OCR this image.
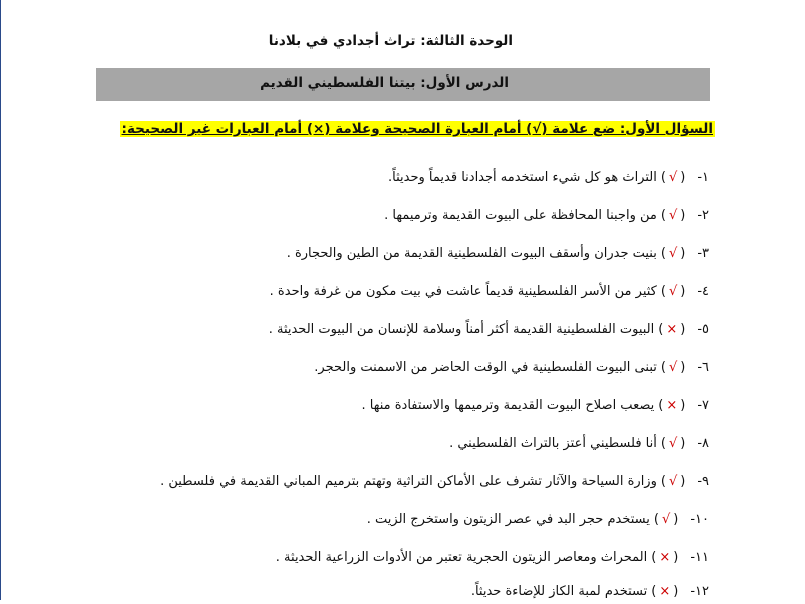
الوحدة الثالثة: تراث أجدادي في بلادنا
الدرس الأول: بيتنا الفلسطيني القديم
السؤال الأول: ضع علامة (√) أمام العبارة الصحيحة وعلامة (×) أمام العبارات غير الصحيحة:
١-(√)التراث هو كل شيء استخدمه أجدادنا قديماً وحديثاً.
٢-(√)من واجبنا المحافظة على البيوت القديمة وترميمها .
٣-(√)بنيت جدران وأسقف البيوت الفلسطينية القديمة من الطين والحجارة .
٤-(√)كثير من الأسر الفلسطينية قديماً عاشت في بيت مكون من غرفة واحدة .
٥-(×)البيوت الفلسطينية القديمة أكثر أمناً وسلامة للإنسان من البيوت الحديثة .
٦-(√)تبنى البيوت الفلسطينية في الوقت الحاضر من الاسمنت والحجر.
٧-(×)يصعب اصلاح البيوت القديمة وترميمها والاستفادة منها .
٨-(√)أنا فلسطيني أعتز بالتراث الفلسطيني .
٩-(√)وزارة السياحة والآثار تشرف على الأماكن التراثية وتهتم بترميم المباني القديمة في فلسطين .
١٠-(√)يستخدم حجر البد في عصر الزيتون واستخرج الزيت .
١١-(×)المحراث ومعاصر الزيتون الحجرية تعتبر من الأدوات الزراعية الحديثة .
١٢-(×)تستخدم لمبة الكاز للإضاءة حديثاً.
